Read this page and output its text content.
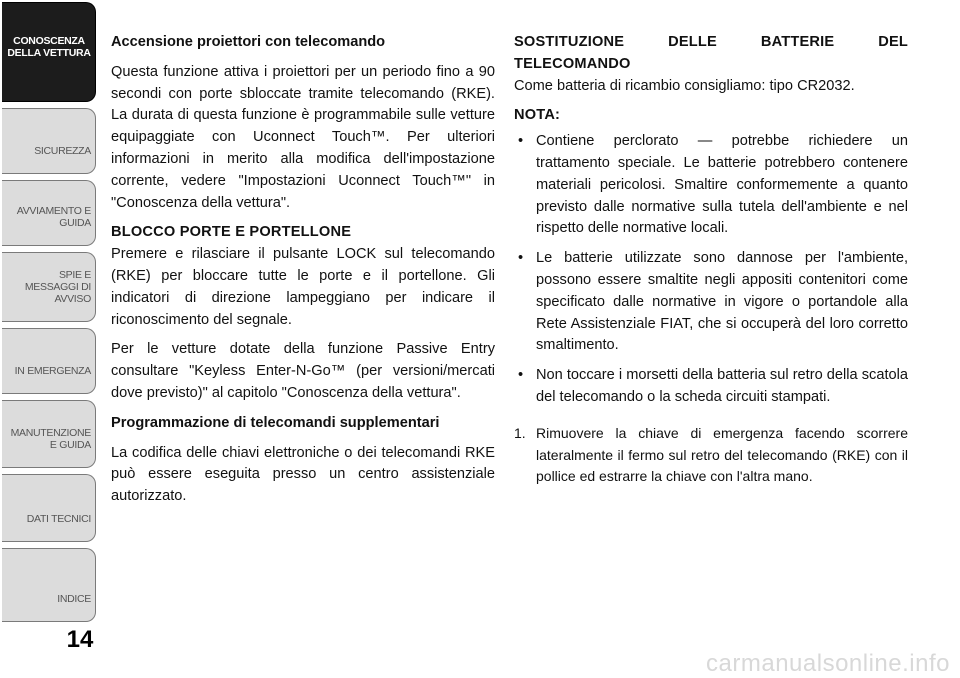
CONOSCENZA DELLA VETTURA
SICUREZZA
AVVIAMENTO E GUIDA
SPIE E MESSAGGI DI AVVISO
IN EMERGENZA
MANUTENZIONE E GUIDA
DATI TECNICI
INDICE
14

Accensione proiettori con telecomando

Questa funzione attiva i proiettori per un periodo fino a 90 secondi con porte sbloccate tramite telecomando (RKE). La durata di questa funzione è programmabile sulle vetture equipaggiate con Uconnect Touch™. Per ulteriori informazioni in merito alla modifica dell'impostazione corrente, vedere "Impostazioni Uconnect Touch™" in "Conoscenza della vettura".

BLOCCO PORTE E PORTELLONE

Premere e rilasciare il pulsante LOCK sul telecomando (RKE) per bloccare tutte le porte e il portellone. Gli indicatori di direzione lampeggiano per indicare il riconoscimento del segnale.

Per le vetture dotate della funzione Passive Entry consultare "Keyless Enter-N-Go™ (per versioni/mercati dove previsto)" al capitolo "Conoscenza della vettura".

Programmazione di telecomandi supplementari

La codifica delle chiavi elettroniche o dei telecomandi RKE può essere eseguita presso un centro assistenziale autorizzato.

SOSTITUZIONE DELLE BATTERIE DEL TELECOMANDO

Come batteria di ricambio consigliamo: tipo CR2032.

NOTA:

• Contiene perclorato — potrebbe richiedere un trattamento speciale. Le batterie potrebbero contenere materiali pericolosi. Smaltire conformemente a quanto previsto dalle normative sulla tutela dell'ambiente e nel rispetto delle normative locali.
• Le batterie utilizzate sono dannose per l'ambiente, possono essere smaltite negli appositi contenitori come specificato dalle normative in vigore o portandole alla Rete Assistenziale FIAT, che si occuperà del loro corretto smaltimento.
• Non toccare i morsetti della batteria sul retro della scatola del telecomando o la scheda circuiti stampati.
1. Rimuovere la chiave di emergenza facendo scorrere lateralmente il fermo sul retro del telecomando (RKE) con il pollice ed estrarre la chiave con l'altra mano.
carmanualsonline.info
